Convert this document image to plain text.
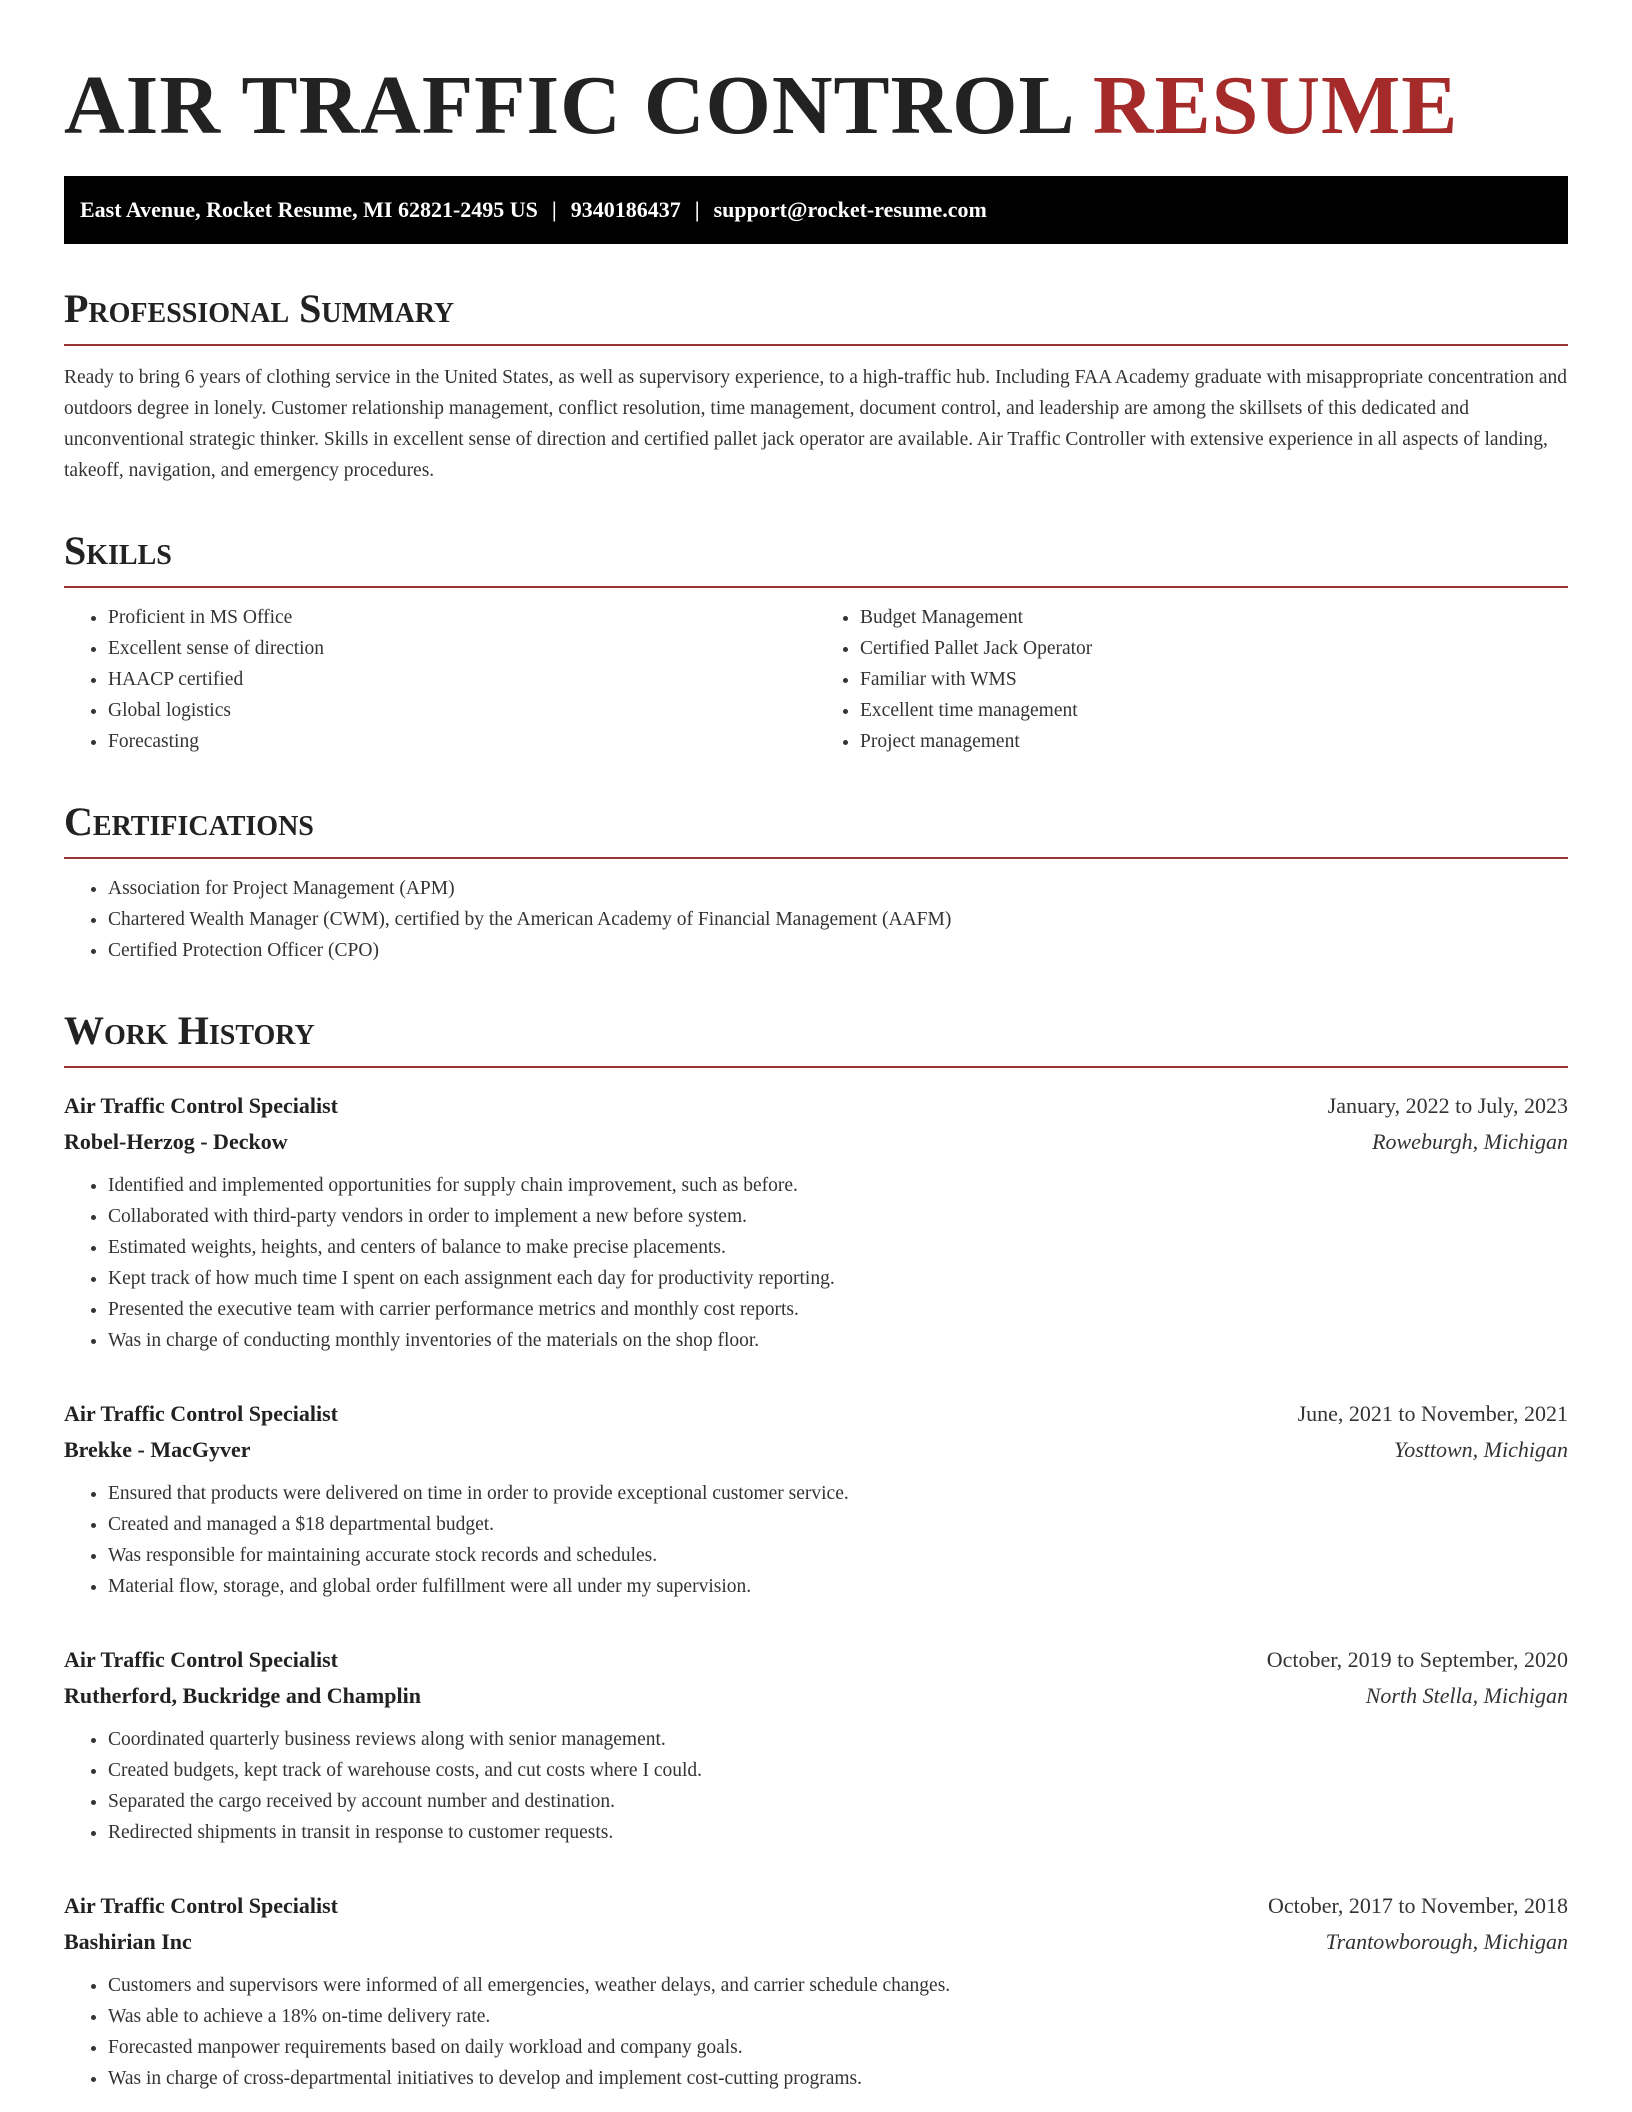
AIR TRAFFIC CONTROL RESUME
East Avenue, Rocket Resume, MI 62821-2495 US | 9340186437 | support@rocket-resume.com
Professional Summary

Ready to bring 6 years of clothing service in the United States, as well as supervisory experience, to a high-traffic hub. Including FAA Academy graduate with misappropriate concentration and outdoors degree in lonely. Customer relationship management, conflict resolution, time management, document control, and leadership are among the skillsets of this dedicated and unconventional strategic thinker. Skills in excellent sense of direction and certified pallet jack operator are available. Air Traffic Controller with extensive experience in all aspects of landing, takeoff, navigation, and emergency procedures.

Skills
• Proficient in MS Office
• Excellent sense of direction
• HAACP certified
• Global logistics
• Forecasting
• Budget Management
• Certified Pallet Jack Operator
• Familiar with WMS
• Excellent time management
• Project management
Certifications
• Association for Project Management (APM)
• Chartered Wealth Manager (CWM), certified by the American Academy of Financial Management (AAFM)
• Certified Protection Officer (CPO)
Work History
Air Traffic Control Specialist	January, 2022 to July, 2023
Robel-Herzog - Deckow	Roweburgh, Michigan
• Identified and implemented opportunities for supply chain improvement, such as before.
• Collaborated with third-party vendors in order to implement a new before system.
• Estimated weights, heights, and centers of balance to make precise placements.
• Kept track of how much time I spent on each assignment each day for productivity reporting.
• Presented the executive team with carrier performance metrics and monthly cost reports.
• Was in charge of conducting monthly inventories of the materials on the shop floor.
Air Traffic Control Specialist	June, 2021 to November, 2021
Brekke - MacGyver	Yosttown, Michigan
• Ensured that products were delivered on time in order to provide exceptional customer service.
• Created and managed a $18 departmental budget.
• Was responsible for maintaining accurate stock records and schedules.
• Material flow, storage, and global order fulfillment were all under my supervision.
Air Traffic Control Specialist	October, 2019 to September, 2020
Rutherford, Buckridge and Champlin	North Stella, Michigan
• Coordinated quarterly business reviews along with senior management.
• Created budgets, kept track of warehouse costs, and cut costs where I could.
• Separated the cargo received by account number and destination.
• Redirected shipments in transit in response to customer requests.
Air Traffic Control Specialist	October, 2017 to November, 2018
Bashirian Inc	Trantowborough, Michigan
• Customers and supervisors were informed of all emergencies, weather delays, and carrier schedule changes.
• Was able to achieve a 18% on-time delivery rate.
• Forecasted manpower requirements based on daily workload and company goals.
• Was in charge of cross-departmental initiatives to develop and implement cost-cutting programs.
